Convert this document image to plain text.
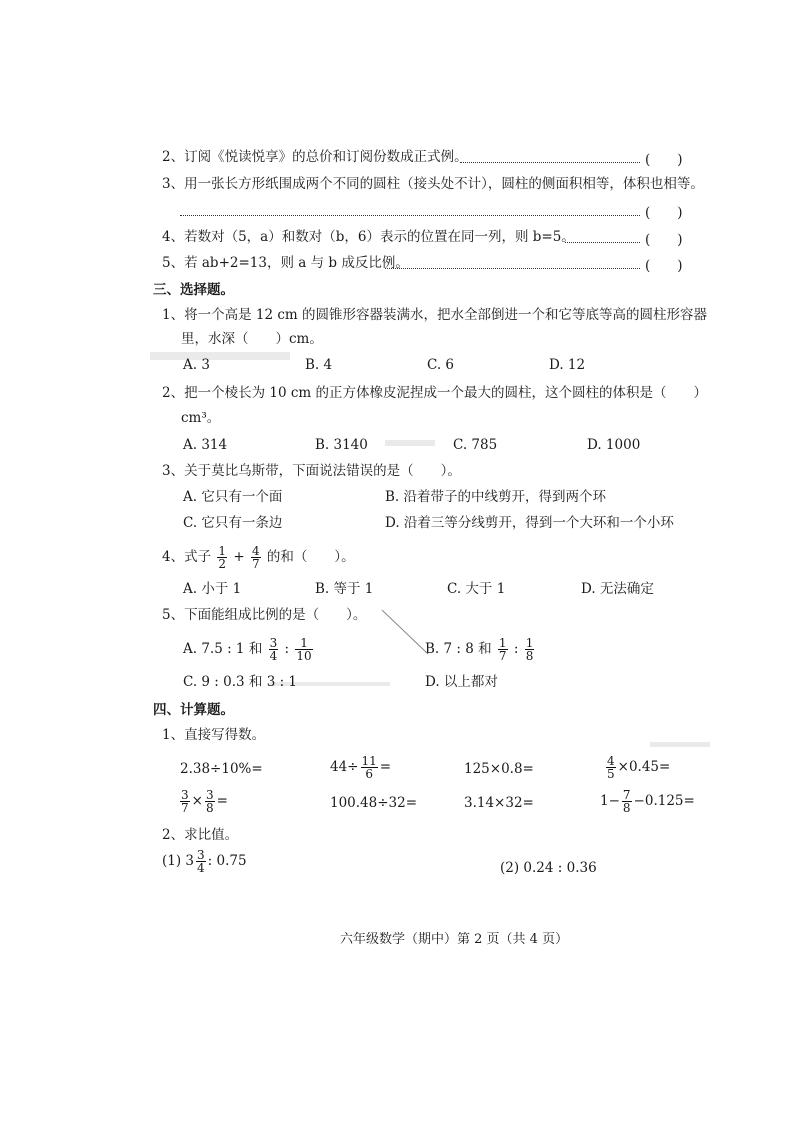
2、订阅《悦读悦享》的总价和订阅份数成正式例。	(　　)
3、用一张长方形纸围成两个不同的圆柱（接头处不计），圆柱的侧面积相等，体积也相等。
(　　)
4、若数对（5，a）和数对（b，6）表示的位置在同一列，则 b=5。	(　　)
5、若 ab+2=13，则 a 与 b 成反比例。	(　　)
三、选择题。
1、将一个高是 12 cm 的圆锥形容器装满水，把水全部倒进一个和它等底等高的圆柱形容器
里，水深（　　）cm。
A. 3	B. 4	C. 6	D. 12
2、把一个棱长为 10 cm 的正方体橡皮泥捏成一个最大的圆柱，这个圆柱的体积是（　　）
cm³。
A. 314	B. 3140	C. 785	D. 1000
3、关于莫比乌斯带，下面说法错误的是（　　）。
A. 它只有一个面	B. 沿着带子的中线剪开，得到两个环
C. 它只有一条边	D. 沿着三等分线剪开，得到一个大环和一个小环
4、式子 $\frac{1}{2} + \frac{4}{7}$ 的和（　　）。
A. 小于 1	B. 等于 1	C. 大于 1	D. 无法确定
5、下面能组成比例的是（　　）。
A. 7.5 : 1 和 $\frac{3}{4}$ : $\frac{1}{10}$	B. 7 : 8 和 $\frac{1}{7}$ : $\frac{1}{8}$
C. 9 : 0.3 和 3 : 1	D. 以上都对
四、计算题。
1、直接写得数。
2.38÷10%=	$44\div \frac{11}{6}$ =	125×0.8=	$\frac{4}{5} \times 0.45=$
$\frac{3}{7} \times \frac{3}{8}$ =	100.48÷32=	3.14×32=	$1- \frac{7}{8} -0.125=$
2、求比值。
(1) $3 \frac{3}{4}$ : 0.75	(2) 0.24 : 0.36
六年级数学（期中）第 2 页（共 4 页）
